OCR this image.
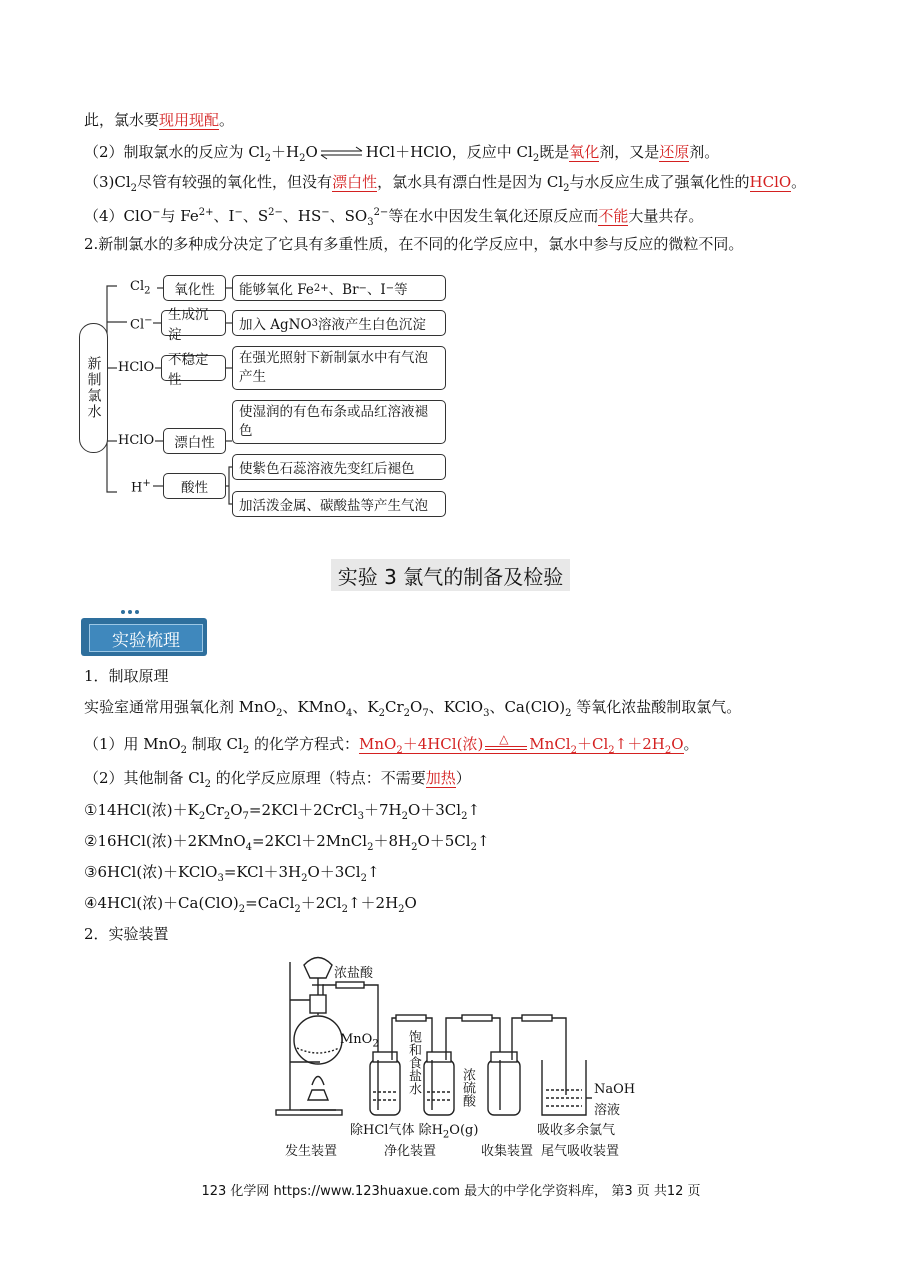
此，氯水要现用现配。
（2）制取氯水的反应为 $Cl_2+H_2O$ ⇌ HCl＋HClO，反应中 $Cl_2$既是氧化剂，又是还原剂。
$(3)Cl_2$尽管有较强的氧化性，但没有漂白性，氯水具有漂白性是因为 $Cl_2$与水反应生成了强氧化性的HClO。
（4）ClO−与 $Fe^{2+}$、I−、$S^{2-}$、HS−、$SO_3^{2-}$等在水中因发生氧化还原反应而不能大量共存。
2.新制氯水的多种成分决定了它具有多重性质，在不同的化学反应中，氯水中参与反应的微粒不同。
新制氯水
$Cl_2$
Cl−
HClO
HClO
H+
氧化性
生成沉淀
不稳定性
漂白性
酸性
能够氧化 Fe 2+ 、Br − 、I − 等
加入 AgNO 3 溶液产生白色沉淀
在强光照射下新制氯水中有气泡产生
使湿润的有色布条或品红溶液褪色
使紫色石蕊溶液先变红后褪色
加活泼金属、碳酸盐等产生气泡
实验 3 氯气的制备及检验
实验梳理
1．制取原理
实验室通常用强氧化剂 MnO$_2$、KMnO$_4$、$K_2Cr_2O_7$、KClO$_3$、$Ca(ClO)_2$ 等氧化浓盐酸制取氯气。
（1）用 MnO$_2$ 制取 $Cl_2$ 的化学方程式：MnO$_2$＋4HCl(浓) △ $MnCl_2+Cl_2↑+2H_2O$。
（2）其他制备 $Cl_2$ 的化学反应原理（特点：不需要加热）
①14HCl(浓)$+K_2Cr_2O_7=2KCl+2CrCl_3+7H_2O+3Cl_2↑$
②16HCl(浓)$+2KMnO_4=2KCl+2MnCl_2+8H_2O+5Cl_2↑$
③6HCl(浓)$+KClO_3=KCl+3H_2O+3Cl_2↑$
④4HCl(浓)$+Ca(ClO)_2=CaCl_2+2Cl_2↑+2H_2O$
2．实验装置
浓盐酸
MnO$_2$ 饱和食盐水	浓硫酸	NaOH
溶液
除HCl气体 除$H_2O(g)$	吸收多余氯气
发生装置	净化装置	收集装置 尾气吸收装置
123 化学网 https://www.123huaxue.com 最大的中学化学资料库， 第3 页 共12 页
